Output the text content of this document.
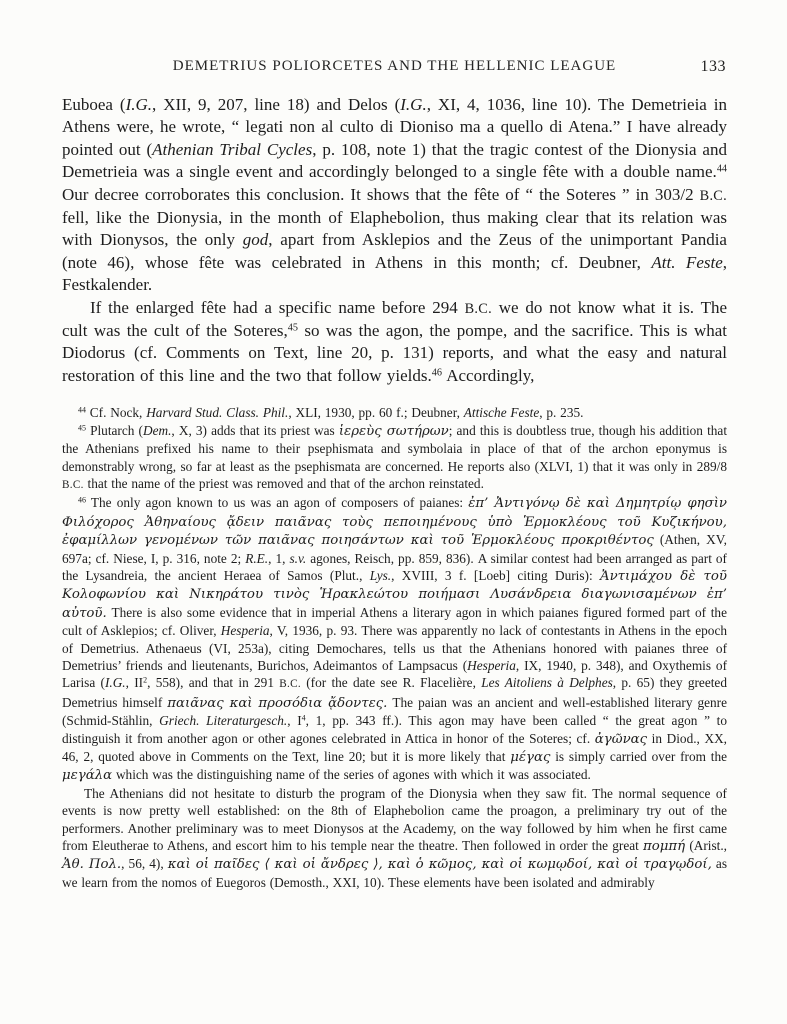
DEMETRIUS POLIORCETES AND THE HELLENIC LEAGUE	133

Euboea (I.G., XII, 9, 207, line 18) and Delos (I.G., XI, 4, 1036, line 10). The Demetrieia in Athens were, he wrote, “ legati non al culto di Dioniso ma a quello di Atena.” I have already pointed out (Athenian Tribal Cycles, p. 108, note 1) that the tragic contest of the Dionysia and Demetrieia was a single event and accordingly belonged to a single fête with a double name.$^{44}$ Our decree corroborates this conclusion. It shows that the fête of “ the Soteres ” in 303/2 B.C. fell, like the Dionysia, in the month of Elaphebolion, thus making clear that its relation was with Dionysos, the only god, apart from Asklepios and the Zeus of the unimportant Pandia (note 46), whose fête was celebrated in Athens in this month; cf. Deubner, Att. Feste, Festkalender.

If the enlarged fête had a specific name before 294 B.C. we do not know what it is. The cult was the cult of the Soteres,$^{45}$ so was the agon, the pompe, and the sacrifice. This is what Diodorus (cf. Comments on Text, line 20, p. 131) reports, and what the easy and natural restoration of this line and the two that follow yields.$^{46}$ Accordingly,

$^{44}$ Cf. Nock, Harvard Stud. Class. Phil., XLI, 1930, pp. 60 f.; Deubner, Attische Feste, p. 235.

$^{45}$ Plutarch (Dem., X, 3) adds that its priest was ἱερεὺς σωτήρων; and this is doubtless true, though his addition that the Athenians prefixed his name to their psephismata and symbolaia in place of that of the archon eponymus is demonstrably wrong, so far at least as the psephismata are concerned. He reports also (XLVI, 1) that it was only in 289/8 B.C. that the name of the priest was removed and that of the archon reinstated.

$^{46}$ The only agon known to us was an agon of composers of paianes: ἐπ’ Ἀντιγόνῳ δὲ καὶ Δημητρίῳ φησὶν Φιλόχορος Ἀθηναίους ᾄδειν παιᾶνας τοὺς πεποιημένους ὑπὸ Ἑρμοκλέους τοῦ Κυζικήνου, ἐφαμίλλων γενομένων τῶν παιᾶνας ποιησάντων καὶ τοῦ Ἑρμοκλέους προκριθέντος (Athen, XV, 697a; cf. Niese, I, p. 316, note 2; R.E., 1, s.v. agones, Reisch, pp. 859, 836). A similar contest had been arranged as part of the Lysandreia, the ancient Heraea of Samos (Plut., Lys., XVIII, 3 f. [Loeb] citing Duris): Ἀντιμάχου δὲ τοῦ Κολοφωνίου καὶ Νικηράτου τινὸς Ἡρακλεώτου ποιήμασι Λυσάνδρεια διαγωνισαμένων ἐπ’ αὐτοῦ. There is also some evidence that in imperial Athens a literary agon in which paianes figured formed part of the cult of Asklepios; cf. Oliver, Hesperia, V, 1936, p. 93. There was apparently no lack of contestants in Athens in the epoch of Demetrius. Athenaeus (VI, 253a), citing Demochares, tells us that the Athenians honored with paianes three of Demetrius’ friends and lieutenants, Burichos, Adeimantos of Lampsacus (Hesperia, IX, 1940, p. 348), and Oxythemis of Larisa (I.G., $II^2$, 558), and that in 291 B.C. (for the date see R. Flacelière, Les Aitoliens à Delphes, p. 65) they greeted Demetrius himself παιᾶνας καὶ προσόδια ᾄδοντες. The paian was an ancient and well-established literary genre (Schmid-Stählin, Griech. Literaturgesch., $I^4$, 1, pp. 343 ff.). This agon may have been called “ the great agon ” to distinguish it from another agon or other agones celebrated in Attica in honor of the Soteres; cf. ἀγῶνας in Diod., XX, 46, 2, quoted above in Comments on the Text, line 20; but it is more likely that μέγας is simply carried over from the μεγάλα which was the distinguishing name of the series of agones with which it was associated.

The Athenians did not hesitate to disturb the program of the Dionysia when they saw fit. The normal sequence of events is now pretty well established: on the 8th of Elaphebolion came the proagon, a preliminary try out of the performers. Another preliminary was to meet Dionysos at the Academy, on the way followed by him when he first came from Eleutherae to Athens, and escort him to his temple near the theatre. Then followed in order the great πομπή (Arist., Ἀθ. Πολ., 56, 4), καὶ οἱ παῖδες ⟨ καὶ οἱ ἄνδρες ⟩, καὶ ὁ κῶμος, καὶ οἱ κωμῳδοί, καὶ οἱ τραγῳδοί, as we learn from the nomos of Euegoros (Demosth., XXI, 10). These elements have been isolated and admirably
